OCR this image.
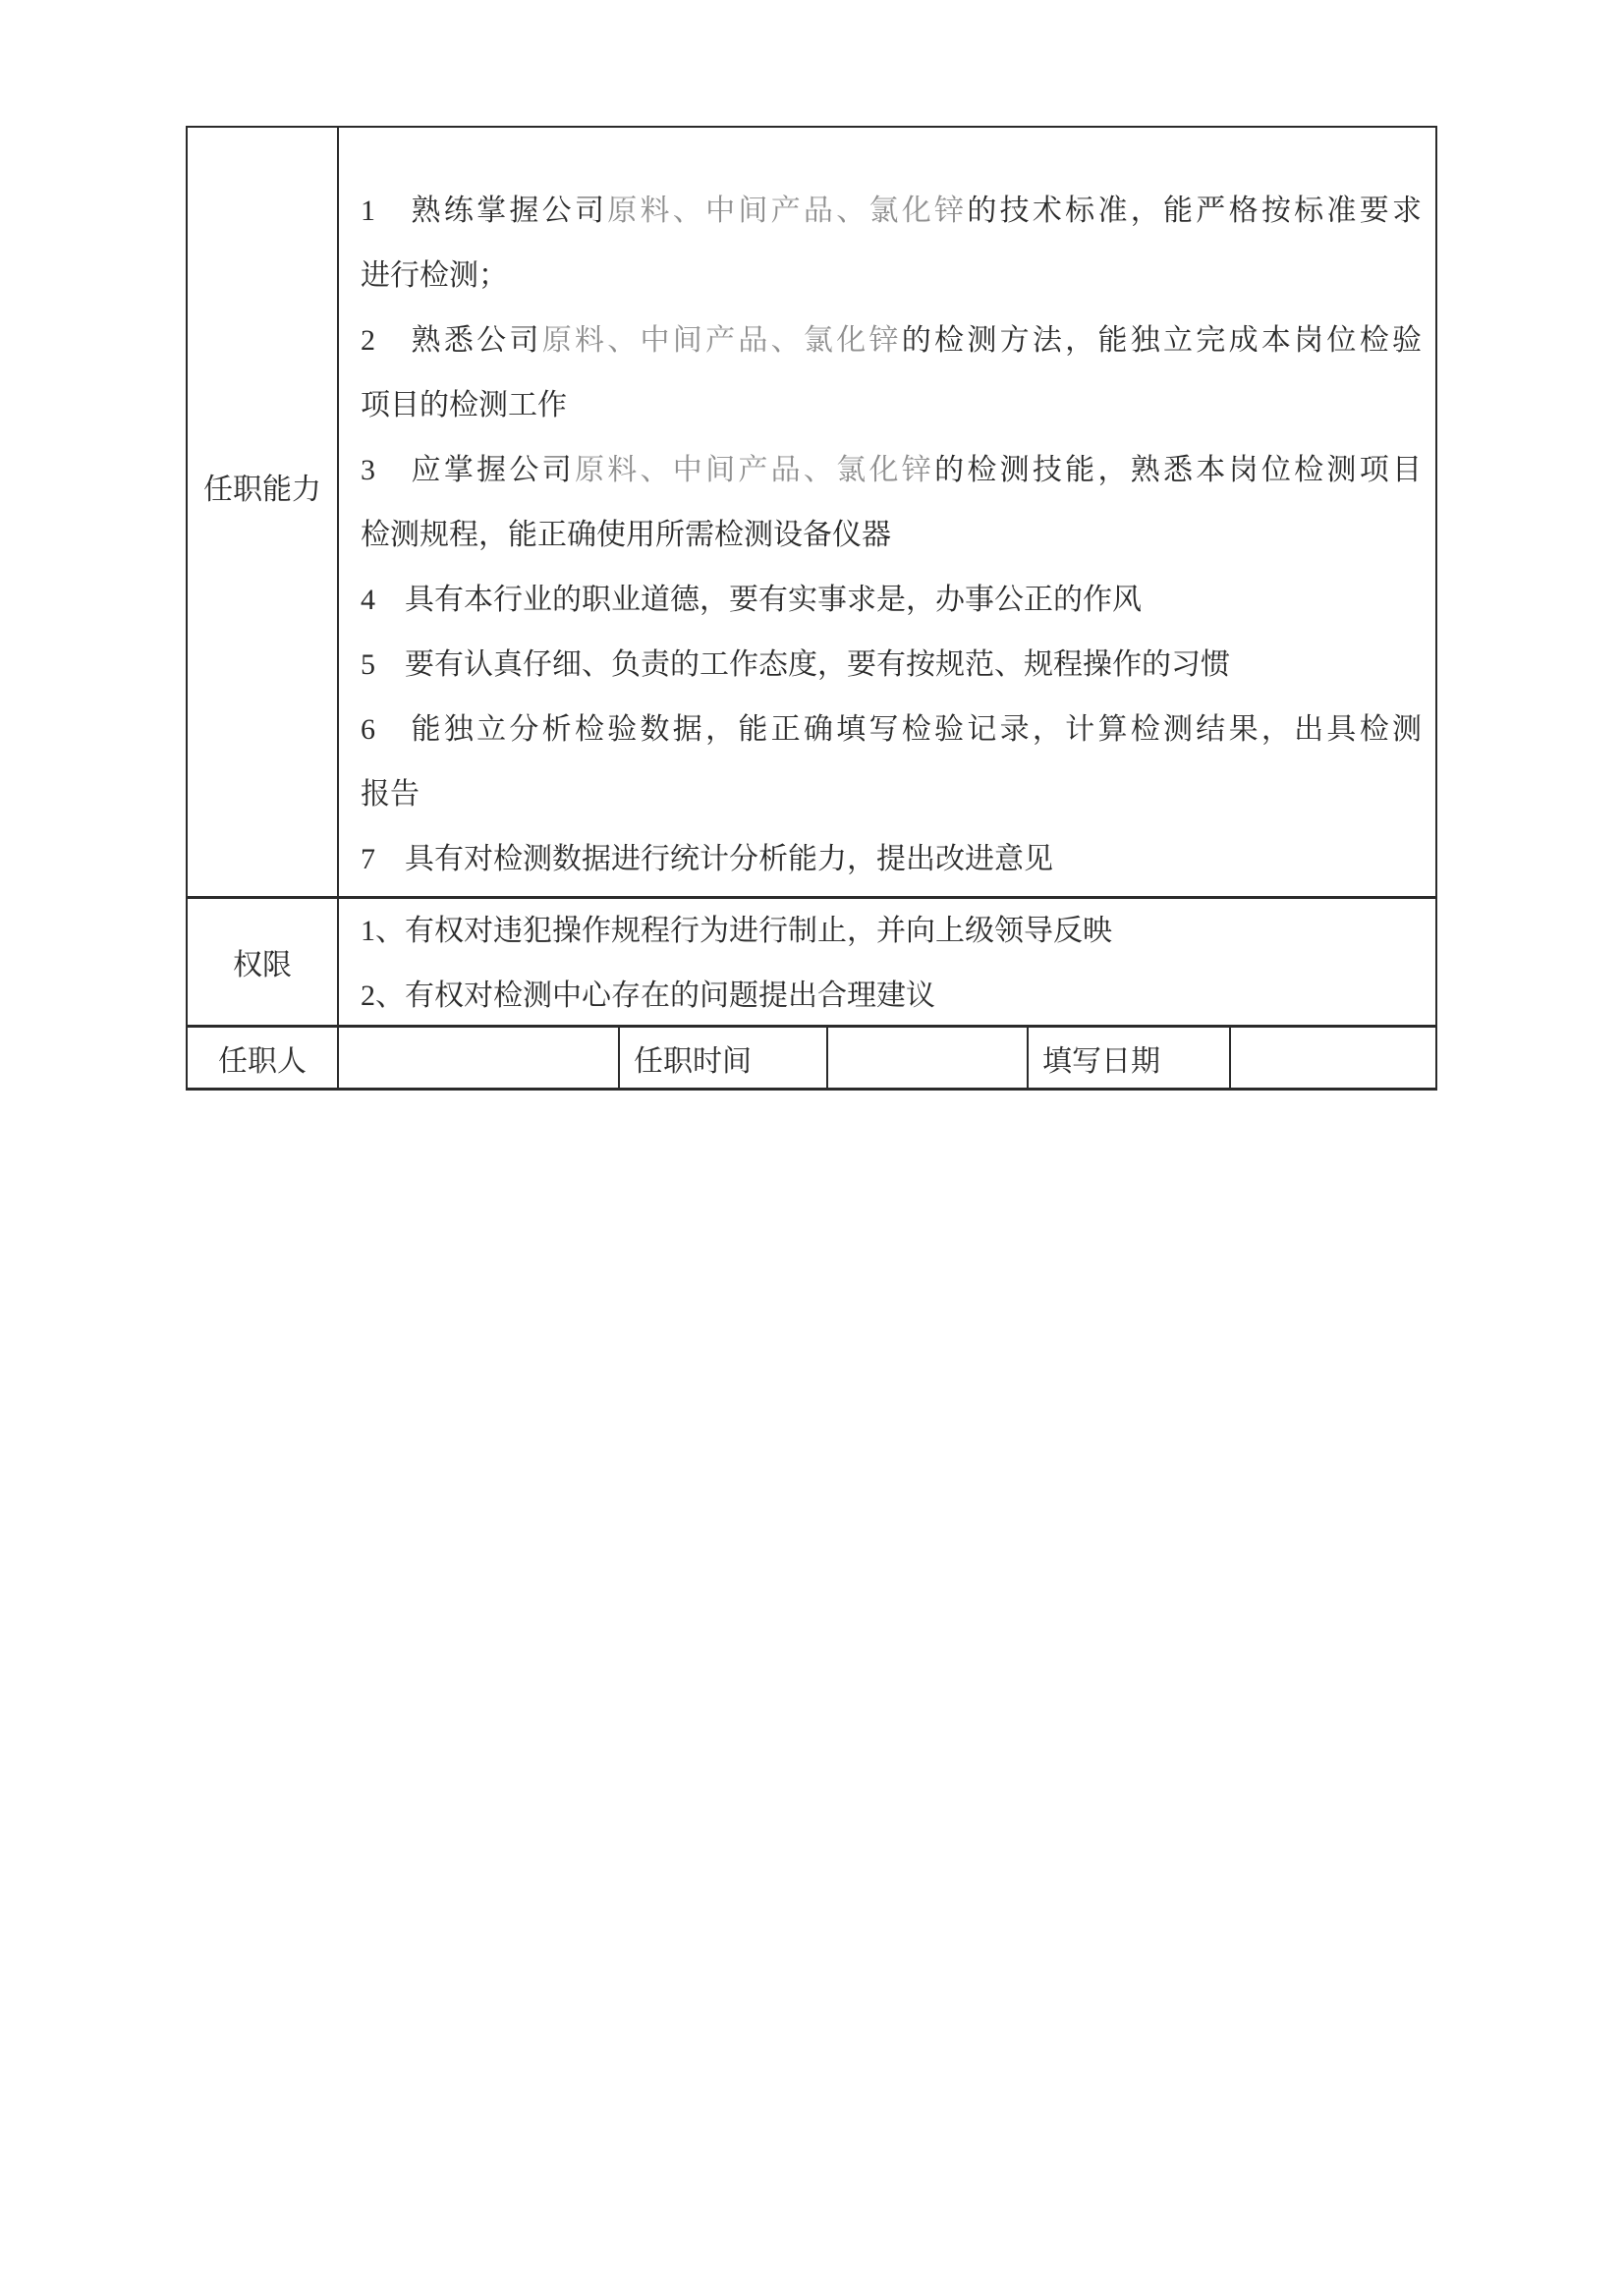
任职能力
1　熟练掌握公司原料、中间产品、氯化锌的技术标准，能严格按标准要求
进行检测；
2　熟悉公司原料、中间产品、氯化锌的检测方法，能独立完成本岗位检验
项目的检测工作
3　应掌握公司原料、中间产品、氯化锌的检测技能，熟悉本岗位检测项目
检测规程，能正确使用所需检测设备仪器
4　具有本行业的职业道德，要有实事求是，办事公正的作风
5　要有认真仔细、负责的工作态度，要有按规范、规程操作的习惯
6　能独立分析检验数据，能正确填写检验记录，计算检测结果，出具检测
报告
7　具有对检测数据进行统计分析能力，提出改进意见
权限
1、有权对违犯操作规程行为进行制止，并向上级领导反映
2、有权对检测中心存在的问题提出合理建议
任职人	任职时间	填写日期
